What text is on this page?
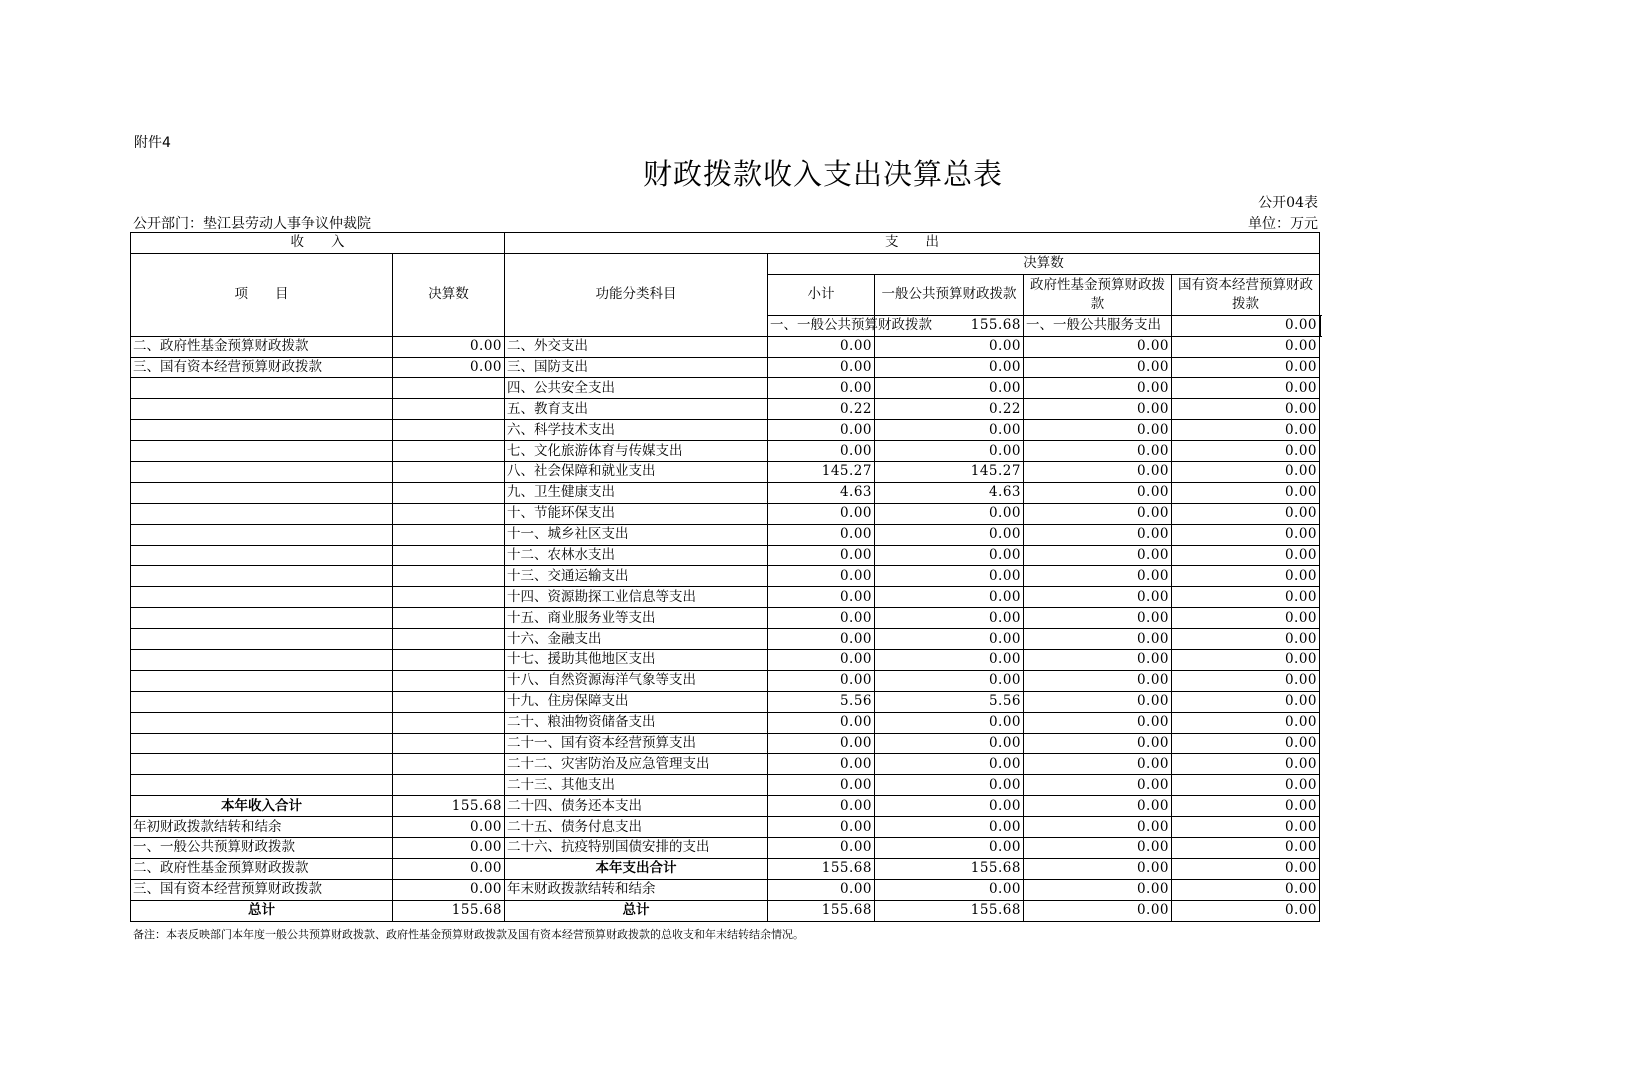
附件4
财政拨款收入支出决算总表
公开04表
公开部门：垫江县劳动人事争议仲裁院	单位：万元
收　　入		支　　出					
项　　目	决算数	功能分类科目	决算数				
			小计	一般公共预算财政拨款	政府性基金预算财政拨款	国有资本经营预算财政拨款	
			一、一般公共预算财政拨款	155.68	一、一般公共服务支出	0.00			
二、政府性基金预算财政拨款	0.00	二、外交支出	0.00	0.00	0.00	0.00	
三、国有资本经营预算财政拨款	0.00	三、国防支出	0.00	0.00	0.00	0.00	
		四、公共安全支出	0.00	0.00	0.00	0.00	
		五、教育支出	0.22	0.22	0.00	0.00	
		六、科学技术支出	0.00	0.00	0.00	0.00	
		七、文化旅游体育与传媒支出	0.00	0.00	0.00	0.00	
		八、社会保障和就业支出	145.27	145.27	0.00	0.00	
		九、卫生健康支出	4.63	4.63	0.00	0.00	
		十、节能环保支出	0.00	0.00	0.00	0.00	
		十一、城乡社区支出	0.00	0.00	0.00	0.00	
		十二、农林水支出	0.00	0.00	0.00	0.00	
		十三、交通运输支出	0.00	0.00	0.00	0.00	
		十四、资源勘探工业信息等支出	0.00	0.00	0.00	0.00	
		十五、商业服务业等支出	0.00	0.00	0.00	0.00	
		十六、金融支出	0.00	0.00	0.00	0.00	
		十七、援助其他地区支出	0.00	0.00	0.00	0.00	
		十八、自然资源海洋气象等支出	0.00	0.00	0.00	0.00	
		十九、住房保障支出	5.56	5.56	0.00	0.00	
		二十、粮油物资储备支出	0.00	0.00	0.00	0.00	
		二十一、国有资本经营预算支出	0.00	0.00	0.00	0.00	
		二十二、灾害防治及应急管理支出	0.00	0.00	0.00	0.00	
		二十三、其他支出	0.00	0.00	0.00	0.00	
本年收入合计	155.68	二十四、债务还本支出	0.00	0.00	0.00	0.00	
年初财政拨款结转和结余	0.00	二十五、债务付息支出	0.00	0.00	0.00	0.00	
一、一般公共预算财政拨款	0.00	二十六、抗疫特别国债安排的支出	0.00	0.00	0.00	0.00	
二、政府性基金预算财政拨款	0.00	本年支出合计	155.68	155.68	0.00	0.00	
三、国有资本经营预算财政拨款	0.00	年末财政拨款结转和结余	0.00	0.00	0.00	0.00	
总计	155.68	总计	155.68	155.68	0.00	0.00	
备注：本表反映部门本年度一般公共预算财政拨款、政府性基金预算财政拨款及国有资本经营预算财政拨款的总收支和年末结转结余情况。
